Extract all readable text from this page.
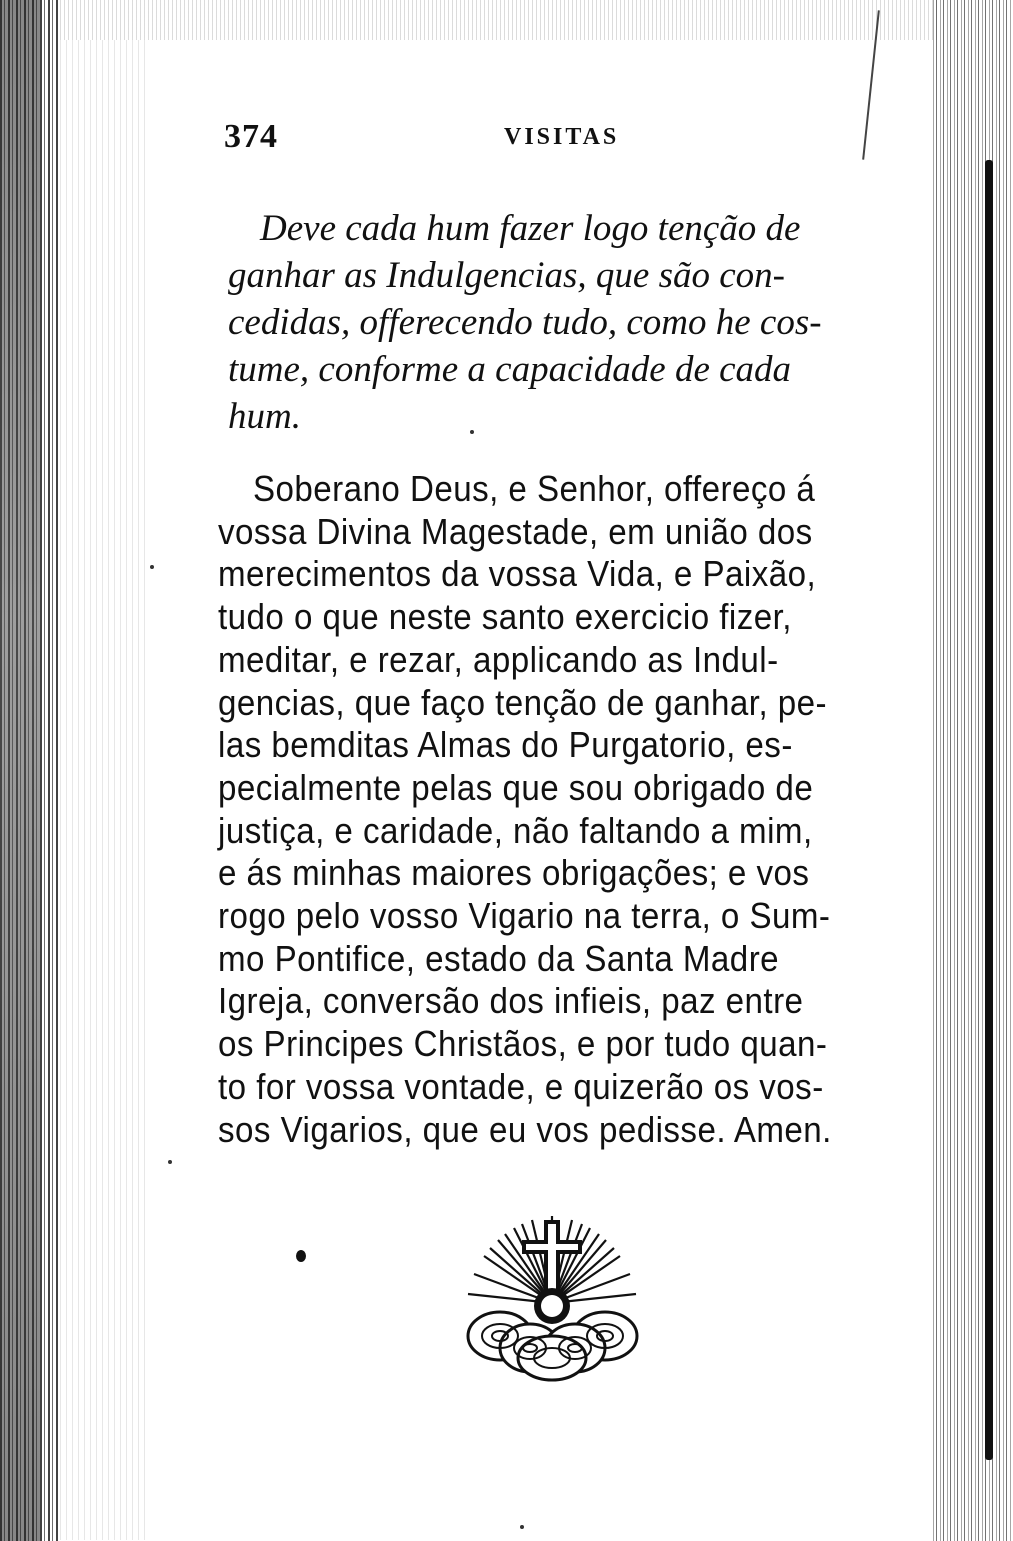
374	VISITAS
Deve cada hum fazer logo tenção de
ganhar as Indulgencias, que são con-
cedidas, offerecendo tudo, como he cos-
tume, conforme a capacidade de cada
hum.
Soberano Deus, e Senhor, offereço á
vossa Divina Magestade, em união dos
merecimentos da vossa Vida, e Paixão,
tudo o que neste santo exercicio fizer,
meditar, e rezar, applicando as Indul-
gencias, que faço tenção de ganhar, pe-
las bemditas Almas do Purgatorio, es-
pecialmente pelas que sou obrigado de
justiça, e caridade, não faltando a mim,
e ás minhas maiores obrigações; e vos
rogo pelo vosso Vigario na terra, o Sum-
mo Pontifice, estado da Santa Madre
Igreja, conversão dos infieis, paz entre
os Principes Christãos, e por tudo quan-
to for vossa vontade, e quizerão os vos-
sos Vigarios, que eu vos pedisse. Amen.
